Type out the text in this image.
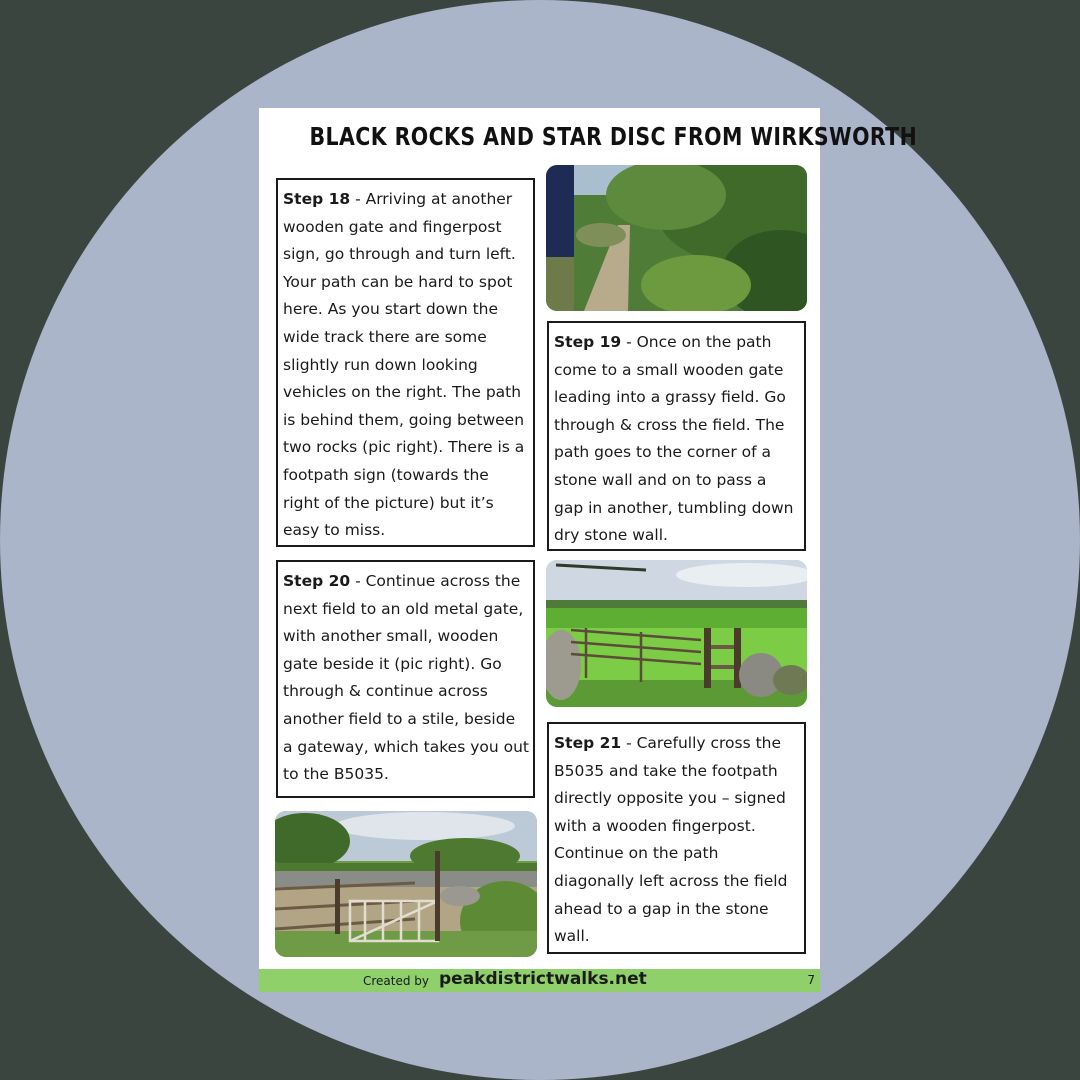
BLACK ROCKS AND STAR DISC FROM WIRKSWORTH
Step 18 - Arriving at another wooden gate and fingerpost sign, go through and turn left. Your path can be hard to spot here. As you start down the wide track there are some slightly run down looking vehicles on the right. The path is behind them, going between two rocks (pic right). There is a footpath sign (towards the right of the picture) but it’s easy to miss.
Step 19 - Once on the path come to a small wooden gate leading into a grassy field. Go through & cross the field. The path goes to the corner of a stone wall and on to pass a gap in another, tumbling down dry stone wall.
Step 20 - Continue across the next field to an old metal gate, with another small, wooden gate beside it (pic right). Go through & continue across another field to a stile, beside a gateway, which takes you out to the B5035.
Step 21 - Carefully cross the B5035 and take the footpath directly opposite you – signed with a wooden fingerpost. Continue on the path diagonally left across the field ahead to a gap in the stone wall.
Created by peakdistrictwalks.net	7
